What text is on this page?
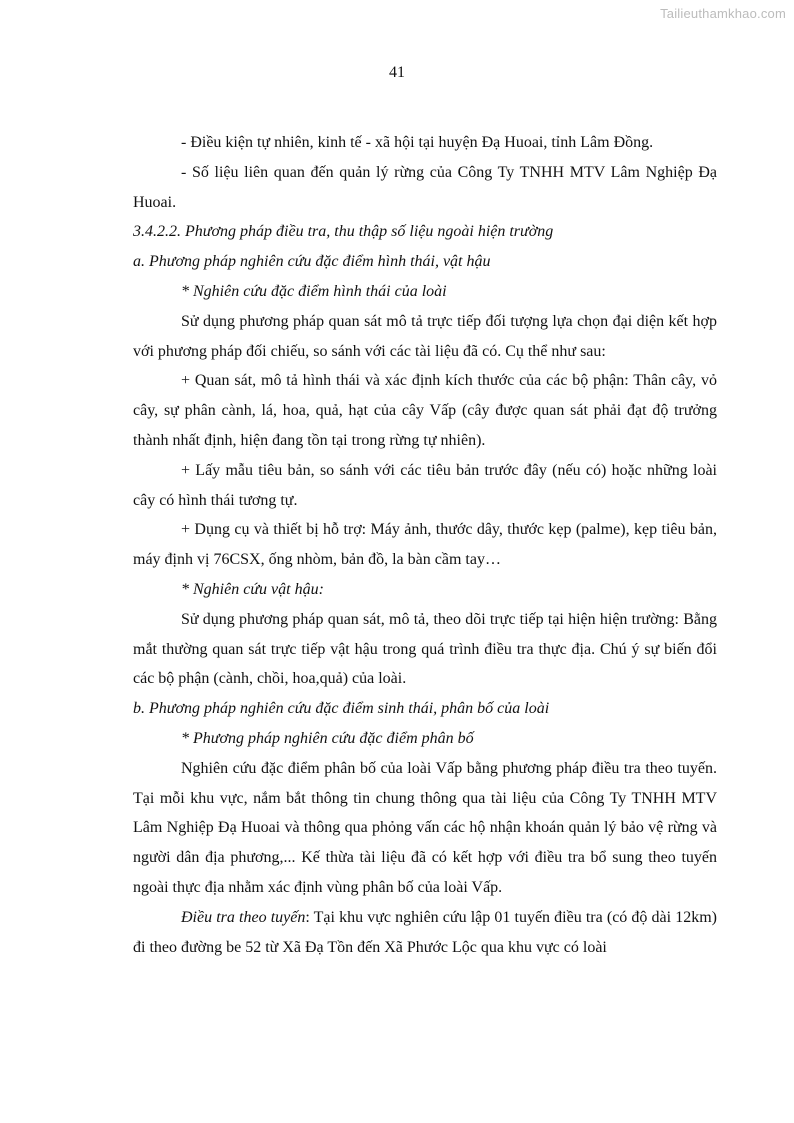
Tailieuthamkhao.com
41

- Điều kiện tự nhiên, kinh tế - xã hội tại huyện Đạ Huoai, tỉnh Lâm Đồng.

- Số liệu liên quan đến quản lý rừng của Công Ty TNHH MTV Lâm Nghiệp Đạ Huoai.

3.4.2.2. Phương pháp điều tra, thu thập số liệu ngoài hiện trường

a. Phương pháp nghiên cứu đặc điểm hình thái, vật hậu

* Nghiên cứu đặc điểm hình thái của loài

Sử dụng phương pháp quan sát mô tả trực tiếp đối tượng lựa chọn đại diện kết hợp với phương pháp đối chiếu, so sánh với các tài liệu đã có. Cụ thể như sau:

+ Quan sát, mô tả hình thái và xác định kích thước của các bộ phận: Thân cây, vỏ cây, sự phân cành, lá, hoa, quả, hạt của cây Vấp (cây được quan sát phải đạt độ trưởng thành nhất định, hiện đang tồn tại trong rừng tự nhiên).

+ Lấy mẫu tiêu bản, so sánh với các tiêu bản trước đây (nếu có) hoặc những loài cây có hình thái tương tự.

+ Dụng cụ và thiết bị hỗ trợ: Máy ảnh, thước dây, thước kẹp (palme), kẹp tiêu bản, máy định vị 76CSX, ống nhòm, bản đồ, la bàn cầm tay…

* Nghiên cứu vật hậu:

Sử dụng phương pháp quan sát, mô tả, theo dõi trực tiếp tại hiện hiện trường: Bằng mắt thường quan sát trực tiếp vật hậu trong quá trình điều tra thực địa. Chú ý sự biến đổi các bộ phận (cành, chồi, hoa,quả) của loài.

b. Phương pháp nghiên cứu đặc điểm sinh thái, phân bố của loài

* Phương pháp nghiên cứu đặc điểm phân bố

Nghiên cứu đặc điểm phân bố của loài Vấp bằng phương pháp điều tra theo tuyến. Tại mỗi khu vực, nắm bắt thông tin chung thông qua tài liệu của Công Ty TNHH MTV Lâm Nghiệp Đạ Huoai và thông qua phỏng vấn các hộ nhận khoán quản lý bảo vệ rừng và người dân địa phương,... Kế thừa tài liệu đã có kết hợp với điều tra bổ sung theo tuyến ngoài thực địa nhằm xác định vùng phân bố của loài Vấp.

Điều tra theo tuyến: Tại khu vực nghiên cứu lập 01 tuyến điều tra (có độ dài 12km) đi theo đường be 52 từ Xã Đạ Tồn đến Xã Phước Lộc qua khu vực có loài
